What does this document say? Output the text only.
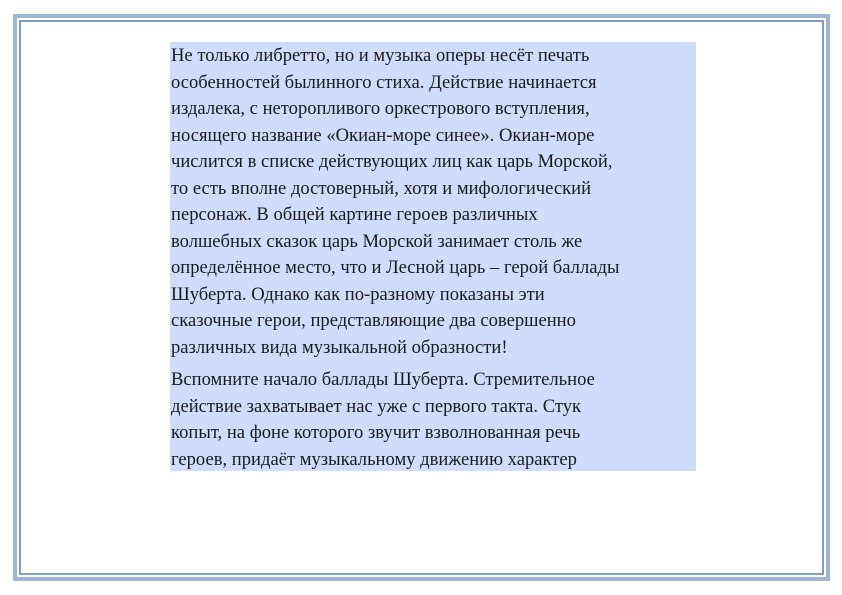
Не только либретто, но и музыка оперы несёт печать
особенностей былинного стиха. Действие начинается
издалека, с неторопливого оркестрового вступления,
носящего название «Окиан-море синее». Окиан-море
числится в списке действующих лиц как царь Морской,
то есть вполне достоверный, хотя и мифологический
персонаж. В общей картине героев различных
волшебных сказок царь Морской занимает столь же
определённое место, что и Лесной царь – герой баллады
Шуберта. Однако как по-разному показаны эти
сказочные герои, представляющие два совершенно
различных вида музыкальной образности!

Вспомните начало баллады Шуберта. Стремительное
действие захватывает нас уже с первого такта. Стук
копыт, на фоне которого звучит взволнованная речь
героев, придаёт музыкальному движению характер
